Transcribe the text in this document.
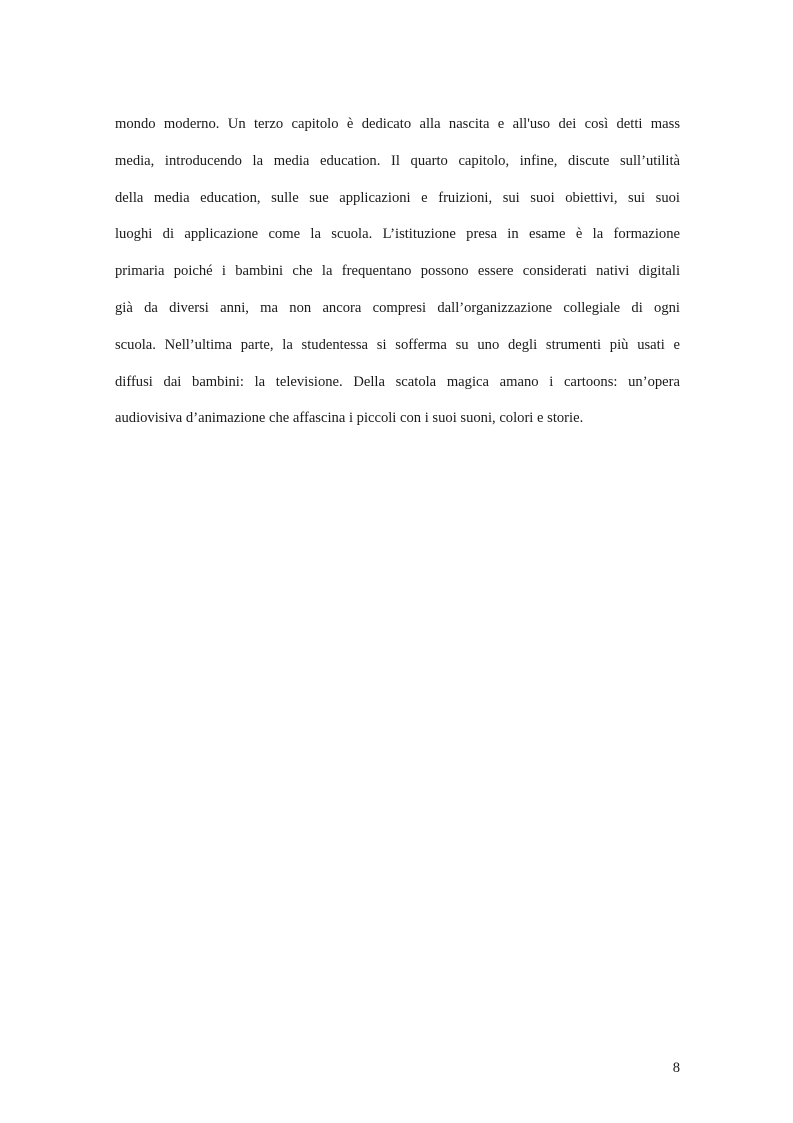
mondo moderno. Un terzo capitolo è dedicato alla nascita e all'uso dei così detti mass
media, introducendo la media education. Il quarto capitolo, infine, discute sull’utilità
della media education, sulle sue applicazioni e fruizioni, sui suoi obiettivi, sui suoi
luoghi di applicazione come la scuola. L’istituzione presa in esame è la formazione
primaria poiché i bambini che la frequentano possono essere considerati nativi digitali
già da diversi anni, ma non ancora compresi dall’organizzazione collegiale di ogni
scuola. Nell’ultima parte, la studentessa si sofferma su uno degli strumenti più usati e
diffusi dai bambini: la televisione. Della scatola magica amano i cartoons: un’opera
audiovisiva d’animazione che affascina i piccoli con i suoi suoni, colori e storie.
8
